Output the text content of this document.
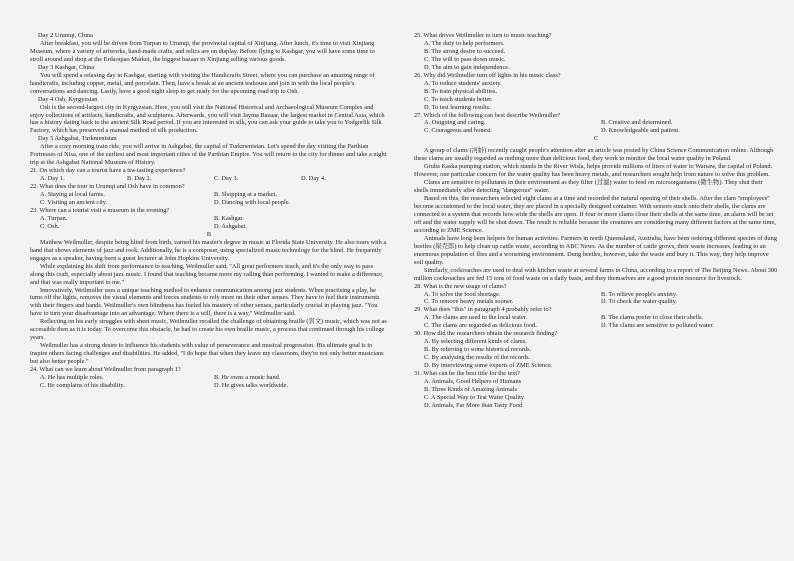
Day 2 Urumqi, China

After breakfast, you will be driven from Turpan to Urumqi, the provincial capital of Xinjiang. After lunch, it's time to visit Xinjiang Museum, where a variety of artworks, hand-made crafts, and relics are on display. Before flying to Kashgar, you will have some time to stroll around and shop at the Erdaoqiao Market, the biggest bazaar in Xinjiang selling various goods.

Day 3 Kashgar, China

You will spend a relaxing day in Kashgar, starting with visiting the Handicrafts Street, where you can purchase an amazing range of handicrafts, including copper, metal, and porcelain. Then, have a break at an ancient teahouse and join in with the local people's conversations and dancing. Lastly, have a good night sleep to get ready for the upcoming road trip to Osh.

Day 4 Osh, Kyrgyzstan

Osh is the second-largest city in Kyrgyzstan. Here, you will visit the National Historical and Archaeological Museum Complex and enjoy collections of artifacts, handicrafts, and sculptures. Afterwards, you will visit Jayma Bazaar, the largest market in Central Asia, which has a history dating back to the ancient Silk Road period. If you are interested in silk, you can ask your guide to take you to Yodgorlik Silk Factory, which has preserved a manual method of silk production.

Day 5 Ashgabat, Turkmenistan

After a cozy morning train ride, you will arrive in Ashgabat, the capital of Turkmenistan. Let's spend the day visiting the Parthian Fortresses of Nisa, one of the earliest and most important cities of the Parthian Empire. You will return to the city for dinner and take a night trip at the Ashgabat National Museum of History.

21. On which day can a tourist have a tea-tasting experience?

A. Day 1.	B. Day 2.	C. Day 3.	D. Day 4.

22. What does the tour in Urumqi and Osh have in common?

A. Staying at local farms.	B. Shopping at a market.
C. Visiting an ancient city.	D. Dancing with local people.

23. Where can a tourist visit a museum in the evening?

A. Turpan.	B. Kashgar.
C. Osh.	D. Ashgabat.

B

Matthew Weilmuller, despite being blind from birth, earned his master's degree in music at Florida State University. He also tours with a band that shows elements of jazz and rock. Additionally, he is a composer, using specialized music technology for the blind. He frequently engages as a speaker, having been a guest lecturer at John Hopkins University.

While explaining his shift from performance to teaching, Weilmuller said, "All great performers teach, and it's the only way to pass along this craft, especially about jazz music. I found that teaching became more my calling than performing. I wanted to make a difference, and that was really important to me."

Innovatively, Weilmuller uses a unique teaching method to enhance communication among jazz students. When practising a play, he turns off the lights, removes the visual elements and forces students to rely more on their other senses. They have to feel their instruments with their fingers and hands. Weilmuller's own blindness has fueled his mastery of other senses, particularly crucial in playing jazz. "You have to turn your disadvantage into an advantage. Where there is a will, there is a way," Weilmuller said.

Reflecting on his early struggles with sheet music, Weilmuller recalled the challenge of obtaining braille (盲文) music, which was not as accessible then as it is today. To overcome this obstacle, he had to create his own braille music, a process that continued through his college years.

Weilmuller has a strong desire to influence his students with value of perseverance and musical progression. His ultimate goal is to inspire others facing challenges and disabilities. He added, "I do hope that when they leave my classroom, they're not only better musicians but also better people."

24. What can we learn about Weilmuller from paragraph 1?

A. He has multiple roles.	B. He owns a music band.
C. He complains of his disability.	D. He gives talks worldwide.

25. What drives Weilmuller to turn to music teaching?

A. The duty to help performers.

B. The strong desire to succeed.

C. The will to pass down music.

D. The aim to gain independence.

26. Why did Weilmuller turn off lights in his music class?

A. To reduce students' anxiety.

B. To train physical abilities.

C. To teach students better.

D. To test learning results.

27. Which of the following can best describe Weilmuller?

A. Outgoing and caring.	B. Creative and determined.
C. Courageous and honest.	D. Knowledgeable and patient.

C

A group of clams (河蚌) recently caught people's attention after an article was posted by China Science Communication online. Although these clams are usually regarded as nothing more than delicious food, they work to monitor the local water quality in Poland.

Gruba Kaska pumping station, which stands in the River Wisla, helps provide millions of liters of water to Warsaw, the capital of Poland. However, one particular concern for the water quality has been heavy metals, and researchers sought help from nature to solve this problem.

Clams are sensitive to pollutants in their environment as they filter (过滤) water to feed on microorganisms (微生物). They shut their shells immediately after detecting "dangerous" water.

Based on this, the researchers selected eight clams at a time and recorded the natural opening of their shells. After the clam "employees" become accustomed to the local water, they are placed in a specially designed container. With sensors stuck onto their shells, the clams are connected to a system that records how wide the shells are open. If four or more clams close their shells at the same time, an alarm will be set off and the water supply will be shut down. The result is reliable because the creatures are considering many different factors at the same time, according to ZME Science.

Animals have long been helpers for human activities. Farmers in north Queensland, Australia, have been ordering different species of dung beetles (屎壳郎) to help clean up cattle waste, according to ABC News. As the number of cattle grows, their waste increases, leading to an enormous population of flies and a worsening environment. Dung beetles, however, take the waste and bury it. This way, they help improve soil quality.

Similarly, cockroaches are used to deal with kitchen waste at several farms in China, according to a report of The Beijing News. About 300 million cockroaches are fed 15 tons of food waste on a daily basis, and they themselves are a good protein resource for livestock.

28. What is the new usage of clams?

A. To solve the food shortage.	B. To relieve people's anxiety.
C. To remove heavy metals sooner.	D. To check the water quality.

29. What does "this" in paragraph 4 probably refer to?

A. The clams are used to the local water.	B. The clams prefer to close their shells.
C. The clams are regarded as delicious food.	D. The clams are sensitive to polluted water.

30. How did the researchers obtain the research finding?

A. By selecting different kinds of clams.

B. By referring to some historical records.

C. By analysing the results of the records.

D. By interviewing some experts of ZME Science.

31. What can be the best title for the text?

A. Animals, Good Helpers of Humans

B. Three Kinds of Amazing Animals

C. A Special Way to Test Water Quality

D. Animals, Far More than Tasty Food
